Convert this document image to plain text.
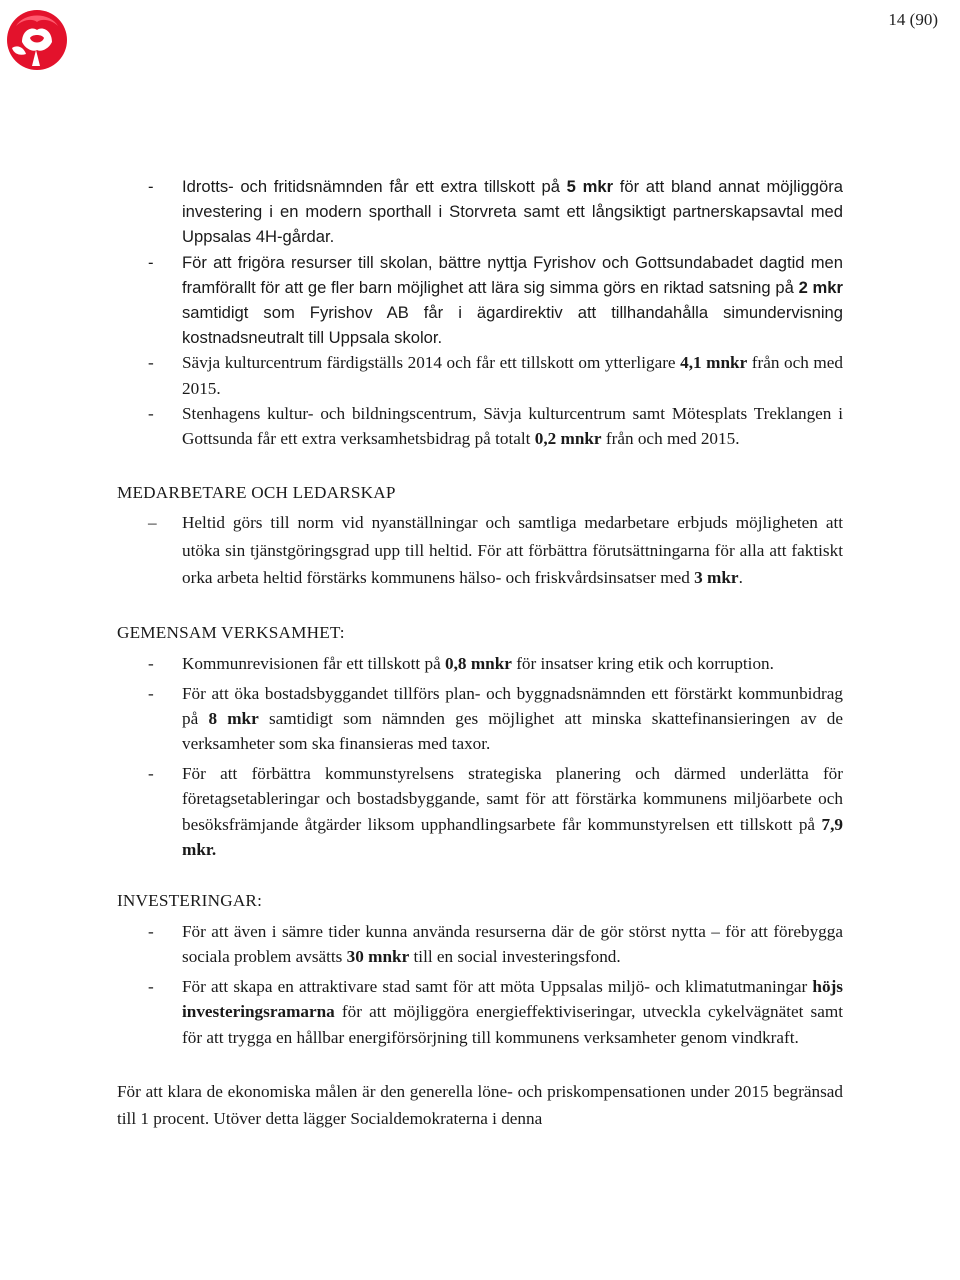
14 (90)
- Idrotts- och fritidsnämnden får ett extra tillskott på 5 mkr för att bland annat möjliggöra investering i en modern sporthall i Storvreta samt ett långsiktigt partnerskapsavtal med Uppsalas 4H-gårdar.
- För att frigöra resurser till skolan, bättre nyttja Fyrishov och Gottsundabadet dagtid men framförallt för att ge fler barn möjlighet att lära sig simma görs en riktad satsning på 2 mkr samtidigt som Fyrishov AB får i ägardirektiv att tillhandahålla simundervisning kostnadsneutralt till Uppsala skolor.
- Sävja kulturcentrum färdigställs 2014 och får ett tillskott om ytterligare 4,1 mnkr från och med 2015.
- Stenhagens kultur- och bildningscentrum, Sävja kulturcentrum samt Mötesplats Treklangen i Gottsunda får ett extra verksamhetsbidrag på totalt 0,2 mnkr från och med 2015.
MEDARBETARE OCH LEDARSKAP
– Heltid görs till norm vid nyanställningar och samtliga medarbetare erbjuds möjligheten att utöka sin tjänstgöringsgrad upp till heltid. För att förbättra förutsättningarna för alla att faktiskt orka arbeta heltid förstärks kommunens hälso- och friskvårdsinsatser med 3 mkr.
GEMENSAM VERKSAMHET:
- Kommunrevisionen får ett tillskott på 0,8 mnkr för insatser kring etik och korruption.
- För att öka bostadsbyggandet tillförs plan- och byggnadsnämnden ett förstärkt kommunbidrag på 8 mkr samtidigt som nämnden ges möjlighet att minska skattefinansieringen av de verksamheter som ska finansieras med taxor.
- För att förbättra kommunstyrelsens strategiska planering och därmed underlätta för företagsetableringar och bostadsbyggande, samt för att förstärka kommunens miljöarbete och besöksfrämjande åtgärder liksom upphandlingsarbete får kommunstyrelsen ett tillskott på 7,9 mkr.
INVESTERINGAR:
- För att även i sämre tider kunna använda resurserna där de gör störst nytta – för att förebygga sociala problem avsätts 30 mnkr till en social investeringsfond.
- För att skapa en attraktivare stad samt för att möta Uppsalas miljö- och klimatutmaningar höjs investeringsramarna för att möjliggöra energieffektiviseringar, utveckla cykelvägnätet samt för att trygga en hållbar energiförsörjning till kommunens verksamheter genom vindkraft.
För att klara de ekonomiska målen är den generella löne- och priskompensationen under 2015 begränsad till 1 procent. Utöver detta lägger Socialdemokraterna i denna
